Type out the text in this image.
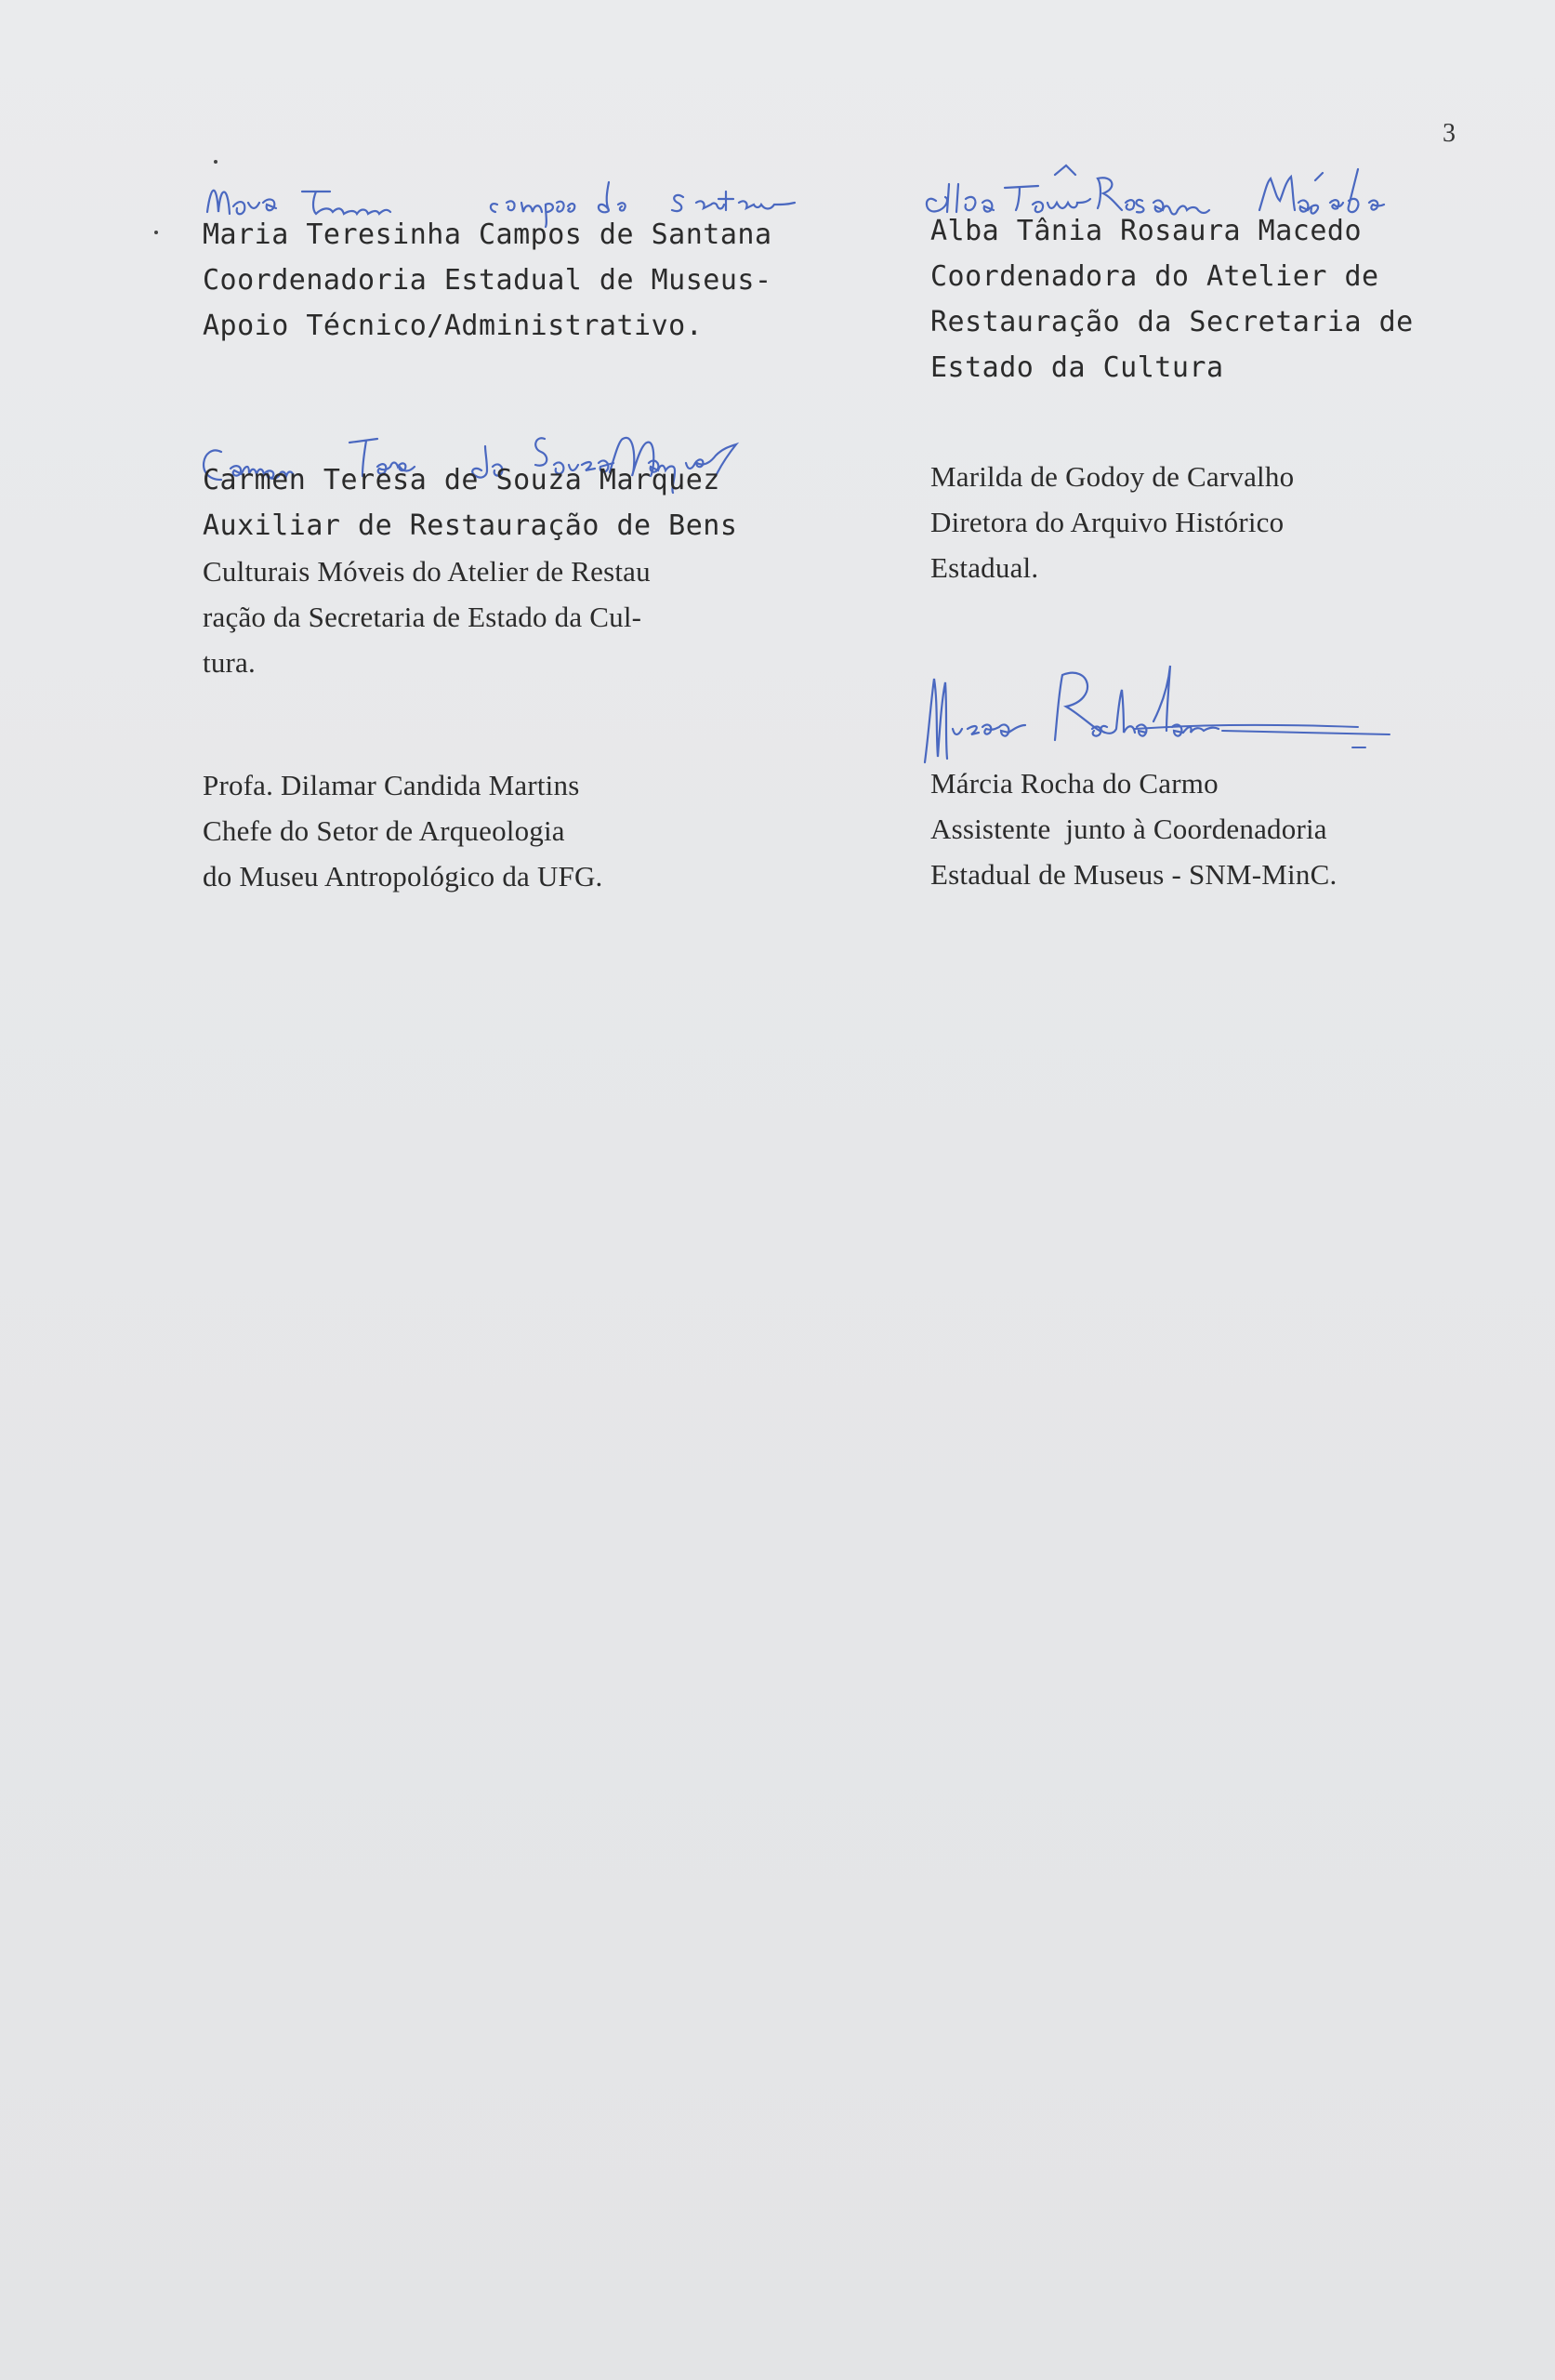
3
Maria Teresinha Campos de Santana
Coordenadoria Estadual de Museus-
Apoio Técnico/Administrativo.
Alba Tânia Rosaura Macedo
Coordenadora do Atelier de
Restauração da Secretaria de
Estado da Cultura
Carmen Teresa de Souza Marquez
Auxiliar de Restauração de Bens
Culturais Móveis do Atelier de Restau
ração da Secretaria de Estado da Cul-
tura.
Marilda de Godoy de Carvalho
Diretora do Arquivo Histórico
Estadual.
Profa. Dilamar Candida Martins
Chefe do Setor de Arqueologia
do Museu Antropológico da UFG.
Márcia Rocha do Carmo
Assistente  junto à Coordenadoria
Estadual de Museus - SNM-MinC.
